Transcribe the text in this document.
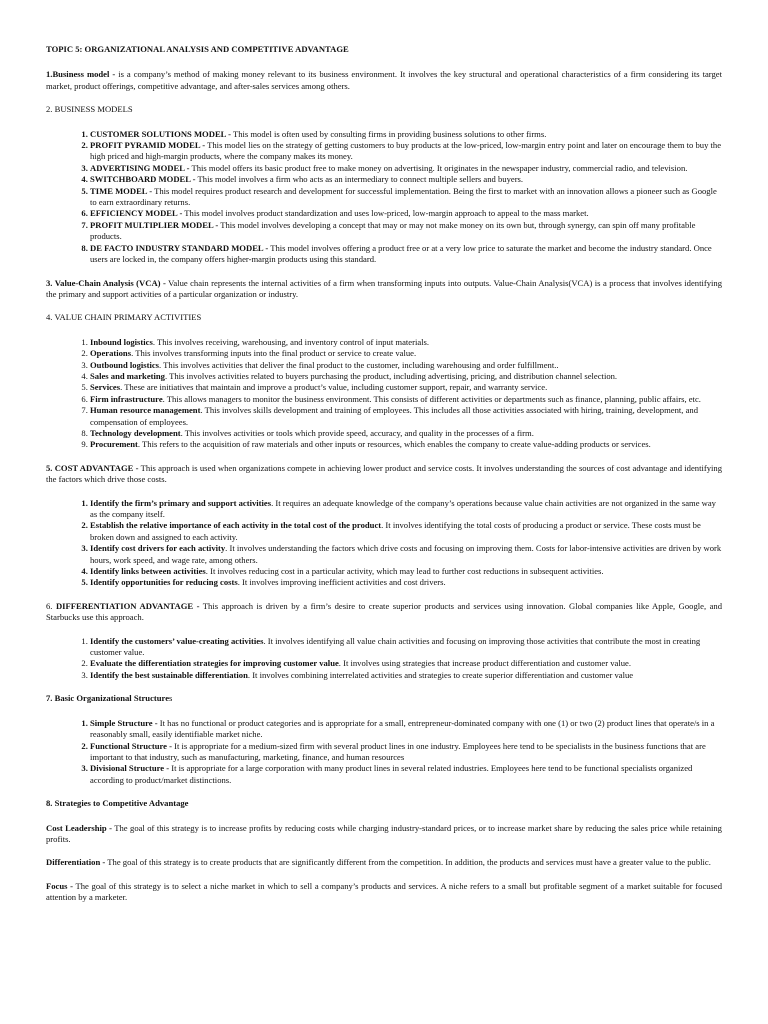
TOPIC 5: ORGANIZATIONAL ANALYSIS AND COMPETITIVE ADVANTAGE

1.Business model - is a company’s method of making money relevant to its business environment. It involves the key structural and operational characteristics of a firm considering its target market, product offerings, competitive advantage, and after-sales services among others.

2. BUSINESS MODELS
1. CUSTOMER SOLUTIONS MODEL - This model is often used by consulting firms in providing business solutions to other firms.
2. PROFIT PYRAMID MODEL - This model lies on the strategy of getting customers to buy products at the low-priced, low-margin entry point and later on encourage them to buy the high priced and high-margin products, where the company makes its money.
3. ADVERTISING MODEL - This model offers its basic product free to make money on advertising. It originates in the newspaper industry, commercial radio, and television.
4. SWITCHBOARD MODEL - This model involves a firm who acts as an intermediary to connect multiple sellers and buyers.
5. TIME MODEL - This model requires product research and development for successful implementation. Being the first to market with an innovation allows a pioneer such as Google to earn extraordinary returns.
6. EFFICIENCY MODEL - This model involves product standardization and uses low-priced, low-margin approach to appeal to the mass market.
7. PROFIT MULTIPLIER MODEL - This model involves developing a concept that may or may not make money on its own but, through synergy, can spin off many profitable products.
8. DE FACTO INDUSTRY STANDARD MODEL - This model involves offering a product free or at a very low price to saturate the market and become the industry standard. Once users are locked in, the company offers higher-margin products using this standard.

3. Value-Chain Analysis (VCA) - Value chain represents the internal activities of a firm when transforming inputs into outputs. Value-Chain Analysis(VCA) is a process that involves identifying the primary and support activities of a particular organization or industry.

4. VALUE CHAIN PRIMARY ACTIVITIES
1. Inbound logistics. This involves receiving, warehousing, and inventory control of input materials.
2. Operations. This involves transforming inputs into the final product or service to create value.
3. Outbound logistics. This involves activities that deliver the final product to the customer, including warehousing and order fulfillment..
4. Sales and marketing. This involves activities related to buyers purchasing the product, including advertising, pricing, and distribution channel selection.
5. Services. These are initiatives that maintain and improve a product’s value, including customer support, repair, and warranty service.
6. Firm infrastructure. This allows managers to monitor the business environment. This consists of different activities or departments such as finance, planning, public affairs, etc.
7. Human resource management. This involves skills development and training of employees. This includes all those activities associated with hiring, training, development, and compensation of employees.
8. Technology development. This involves activities or tools which provide speed, accuracy, and quality in the processes of a firm.
9. Procurement. This refers to the acquisition of raw materials and other inputs or resources, which enables the company to create value-adding products or services.

5. COST ADVANTAGE - This approach is used when organizations compete in achieving lower product and service costs. It involves understanding the sources of cost advantage and identifying the factors which drive those costs.

1. Identify the firm’s primary and support activities. It requires an adequate knowledge of the company’s operations because value chain activities are not organized in the same way as the company itself.
2. Establish the relative importance of each activity in the total cost of the product. It involves identifying the total costs of producing a product or service. These costs must be broken down and assigned to each activity.
3. Identify cost drivers for each activity. It involves understanding the factors which drive costs and focusing on improving them. Costs for labor-intensive activities are driven by work hours, work speed, and wage rate, among others.
4. Identify links between activities. It involves reducing cost in a particular activity, which may lead to further cost reductions in subsequent activities.
5. Identify opportunities for reducing costs. It involves improving inefficient activities and cost drivers.

6. DIFFERENTIATION ADVANTAGE - This approach is driven by a firm’s desire to create superior products and services using innovation. Global companies like Apple, Google, and Starbucks use this approach.

1. Identify the customers’ value-creating activities. It involves identifying all value chain activities and focusing on improving those activities that contribute the most in creating customer value.
2. Evaluate the differentiation strategies for improving customer value. It involves using strategies that increase product differentiation and customer value.
3. Identify the best sustainable differentiation. It involves combining interrelated activities and strategies to create superior differentiation and customer value
7. Basic Organizational Structures
1. Simple Structure - It has no functional or product categories and is appropriate for a small, entrepreneur-dominated company with one (1) or two (2) product lines that operate/s in a reasonably small, easily identifiable market niche.
2. Functional Structure - It is appropriate for a medium-sized firm with several product lines in one industry. Employees here tend to be specialists in the business functions that are important to that industry, such as manufacturing, marketing, finance, and human resources
3. Divisional Structure - It is appropriate for a large corporation with many product lines in several related industries. Employees here tend to be functional specialists organized according to product/market distinctions.
8. Strategies to Competitive Advantage

Cost Leadership - The goal of this strategy is to increase profits by reducing costs while charging industry-standard prices, or to increase market share by reducing the sales price while retaining profits.

Differentiation - The goal of this strategy is to create products that are significantly different from the competition. In addition, the products and services must have a greater value to the public.

Focus - The goal of this strategy is to select a niche market in which to sell a company’s products and services. A niche refers to a small but profitable segment of a market suitable for focused attention by a marketer.
